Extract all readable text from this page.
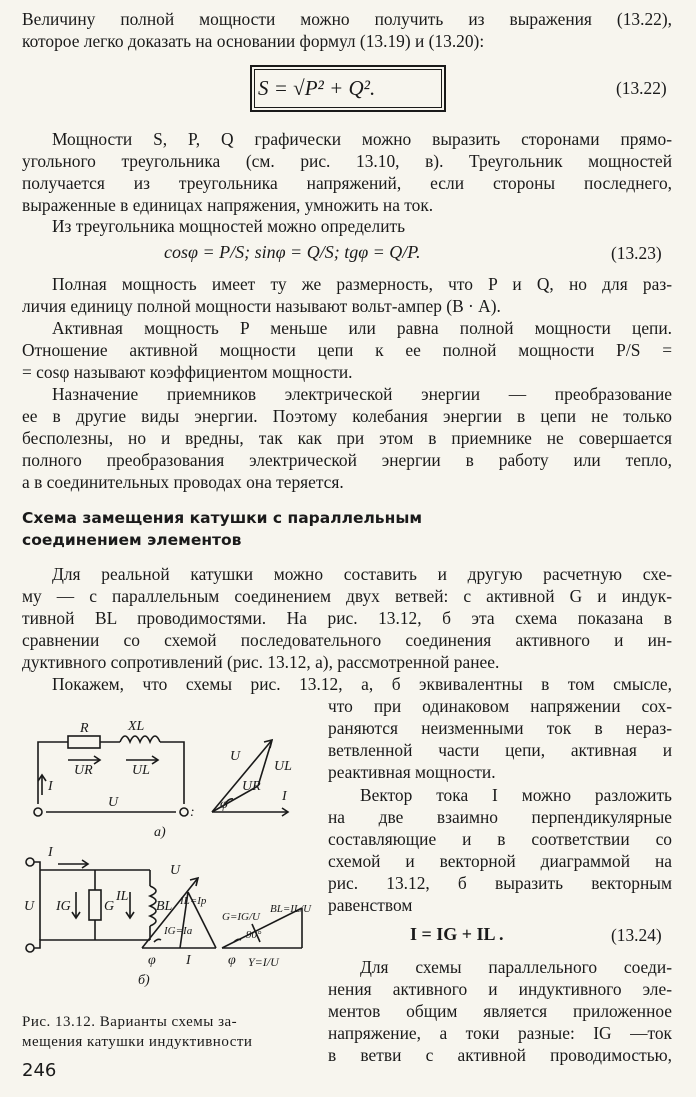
Величину полной мощности можно получить из выражения (13.22),
которое легко доказать на основании формул (13.19) и (13.20):
S = √P² + Q².	(13.22)
Мощности S, P, Q графически можно выразить сторонами прямо-
угольного треугольника (см. рис. 13.10, в). Треугольник мощностей
получается из треугольника напряжений, если стороны последнего,
выраженные в единицах напряжения, умножить на ток.
Из треугольника мощностей можно определить
cosφ = P/S; sinφ = Q/S; tgφ = Q/P.	(13.23)
Полная мощность имеет ту же размерность, что P и Q, но для раз-
личия единицу полной мощности называют вольт-ампер (В · А).
Активная мощность P меньше или равна полной мощности цепи.
Отношение активной мощности цепи к ее полной мощности P/S =
= cosφ называют коэффициентом мощности.
Назначение приемников электрической энергии — преобразование
ее в другие виды энергии. Поэтому колебания энергии в цепи не только
бесполезны, но и вредны, так как при этом в приемнике не совершается
полного преобразования электрической энергии в работу или тепло,
а в соединительных проводах она теряется.
Схема замещения катушки с параллельным
соединением элементов
Для реальной катушки можно составить и другую расчетную схе-
му — с параллельным соединением двух ветвей: с активной G и индук-
тивной BL проводимостями. На рис. 13.12, б эта схема показана в
сравнении со схемой последовательного соединения активного и ин-
дуктивного сопротивлений (рис. 13.12, а), рассмотренной ранее.
Покажем, что схемы рис. 13.12, а, б эквивалентны в том смысле,
что при одинаковом напряжении сох-
раняются неизменными ток в нераз-
ветвленной части цепи, активная и
реактивная мощности.
Вектор тока I можно разложить
на две взаимно перпендикулярные
составляющие и в соответствии со
схемой и векторной диаграммой на
рис. 13.12, б выразить векторным
равенством
I = IG + IL .	(13.24)
Для схемы параллельного соеди-
нения активного и индуктивного эле-
ментов общим является приложенное
напряжение, а токи разные: IG —ток
в ветви с активной проводимостью,
R	XL
UR	UL
I
U
:
U
UL
UR
φ
I
а)
I
U IG G
IL
BL
U
IL=Ip
IG=Ia
G=IG/U
BL=IL/U
90°
φ I	φ Y=I/U
б)
Рис. 13.12. Варианты схемы за-
мещения катушки индуктивности
246
